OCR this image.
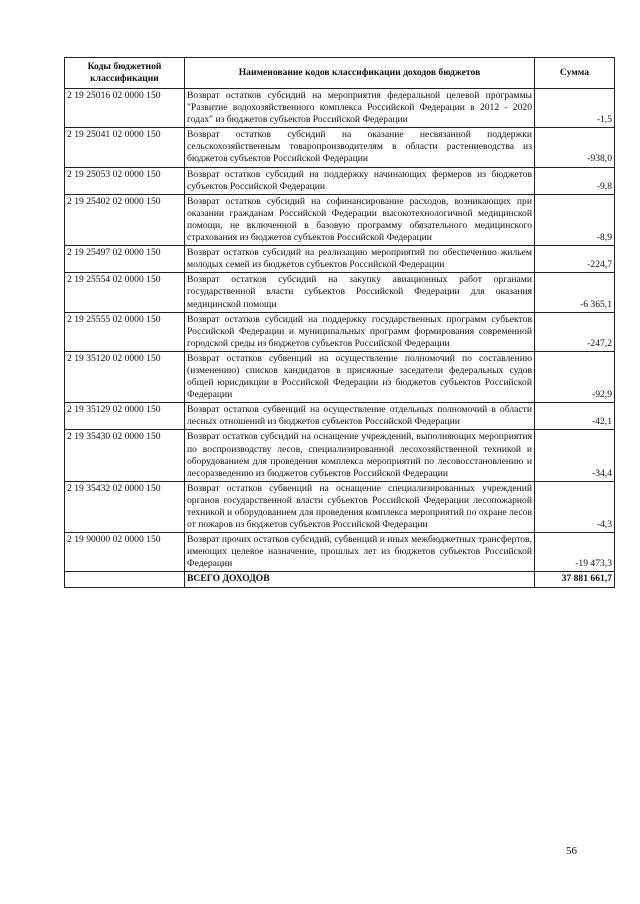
Коды бюджетной классификации	Наименование кодов классификации доходов бюджетов	Сумма
2 19 25016 02 0000 150	Возврат остатков субсидий на мероприятия федеральной целевой программы "Развитие водохозяйственного комплекса Российской Федерации в 2012 - 2020 годах" из бюджетов субъектов Российской Федерации	-1,5
2 19 25041 02 0000 150	Возврат остатков субсидий на оказание несвязанной поддержки сельскохозяйственным товаропроизводителям в области растениеводства из бюджетов субъектов Российской Федерации	-938,0
2 19 25053 02 0000 150	Возврат остатков субсидий на поддержку начинающих фермеров из бюджетов субъектов Российской Федерации	-9,8
2 19 25402 02 0000 150	Возврат остатков субсидий на софинансирование расходов, возникающих при оказании гражданам Российской Федерации высокотехнологичной медицинской помощи, не включенной в базовую программу обязательного медицинского страхования из бюджетов субъектов Российской Федерации	-8,9
2 19 25497 02 0000 150	Возврат остатков субсидий на реализацию мероприятий по обеспечению жильем молодых семей из бюджетов субъектов Российской Федерации	-224,7
2 19 25554 02 0000 150	Возврат остатков субсидий на закупку авиационных работ органами государственной власти субъектов Российской Федерации для оказания медицинской помощи	-6 365,1
2 19 25555 02 0000 150	Возврат остатков субсидий на поддержку государственных программ субъектов Российской Федерации и муниципальных программ формирования современной городской среды из бюджетов субъектов Российской Федерации	-247,2
2 19 35120 02 0000 150	Возврат остатков субвенций на осуществление полномочий по составлению (изменению) списков кандидатов в присяжные заседатели федеральных судов общей юрисдикции в Российской Федерации из бюджетов субъектов Российской Федерации	-92,9
2 19 35129 02 0000 150	Возврат остатков субвенций на осуществление отдельных полномочий в области лесных отношений из бюджетов субъектов Российской Федерации	-42,1
2 19 35430 02 0000 150	Возврат остатков субсидий на оснащение учреждений, выполняющих мероприятия по воспроизводству лесов, специализированной лесохозяйственной техникой и оборудованием для проведения комплекса мероприятий по лесовосстановлению и лесоразведению из бюджетов субъектов Российской Федерации	-34,4
2 19 35432 02 0000 150	Возврат остатков субвенций на оснащение специализированных учреждений органов государственной власти субъектов Российской Федерации лесопожарной техникой и оборудованием для проведения комплекса мероприятий по охране лесов от пожаров из бюджетов субъектов Российской Федерации	-4,3
2 19 90000 02 0000 150	Возврат прочих остатков субсидий, субвенций и иных межбюджетных трансфертов, имеющих целевое назначение, прошлых лет из бюджетов субъектов Российской Федерации	-19 473,3
	ВСЕГО ДОХОДОВ	37 881 661,7
56
